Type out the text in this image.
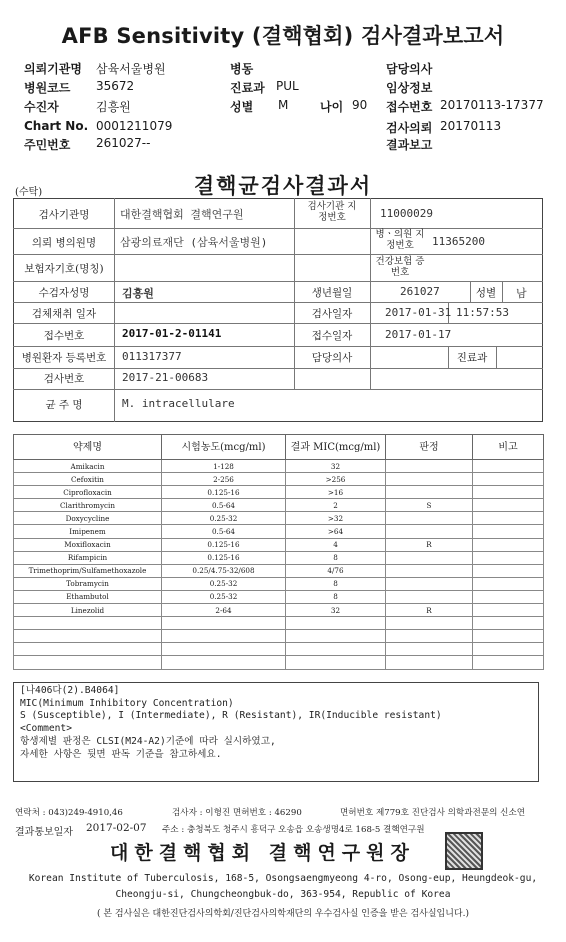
AFB Sensitivity (결핵협회) 검사결과보고서
의뢰기관명 삼육서울병원	병동	담당의사
병원코드 35672	진료과 PUL	임상정보
수진자	김흥원	성별 M	나이 90 접수번호 20170113-17377
Chart No. 0001211079	검사의뢰 20170113
주민번호 261027--	결과보고
(수탁)	결핵균검사결과서
검사기관명	대한결핵협회 결핵연구원
검사기관 지정번호	11000029
의뢰 병의원명	삼광의료재단 (삼육서울병원)
병ㆍ의원 지정번호	11365200
보험자기호(명칭)
건강보험 증번호
수검자성명	김흥원	생년월일	261027	성별	남
검체채취 일자	검사일자	2017-01-31 11:57:53
접수번호	2017-01-2-01141	접수일자	2017-01-17
병원환자 등록번호	011317377	담당의사	진료과
검사번호	2017-21-00683
균 주 명	M. intracellulare
약제명	시험농도(mcg/ml)	결과 MIC(mcg/ml)	판정	비고
Amikacin	1-128	32		
Cefoxitin	2-256	>256		
Ciprofloxacin	0.125-16	>16		
Clarithromycin	0.5-64	2	S	
Doxycycline	0.25-32	>32		
Imipenem	0.5-64	>64		
Moxifloxacin	0.125-16	4	R	
Rifampicin	0.125-16	8		
Trimethoprim/Sulfamethoxazole	0.25/4.75-32/608	4/76		
Tobramycin	0.25-32	8		
Ethambutol	0.25-32	8		
Linezolid	2-64	32	R	

[나406다(2).B4064]
MIC(Minimum Inhibitory Concentration)
S (Susceptible), I (Intermediate), R (Resistant), IR(Inducible resistant)
<Comment>
항생제별 판정은 CLSI(M24-A2)기준에 따라 실시하였고,
자세한 사항은 뒷면 판독 기준을 참고하세요.
연락처 : 043)249-4910,46	검사자 : 이형진 면허번호 : 46290	면허번호 제779호 진단검사 의학과전문의 신소연
결과통보일자 2017-02-07 주소 : 충청북도 청주시 흥덕구 오송읍 오송생명4로 168-5 결핵연구원
대한결핵협회 결핵연구원장
Korean Institute of Tuberculosis, 168-5, Osongsaengmyeong 4-ro, Osong-eup, Heungdeok-gu,
Cheongju-si, Chungcheongbuk-do, 363-954, Republic of Korea
( 본 검사실은 대한진단검사의학회/진단검사의학재단의 우수검사실 인증을 받은 검사실입니다.)
